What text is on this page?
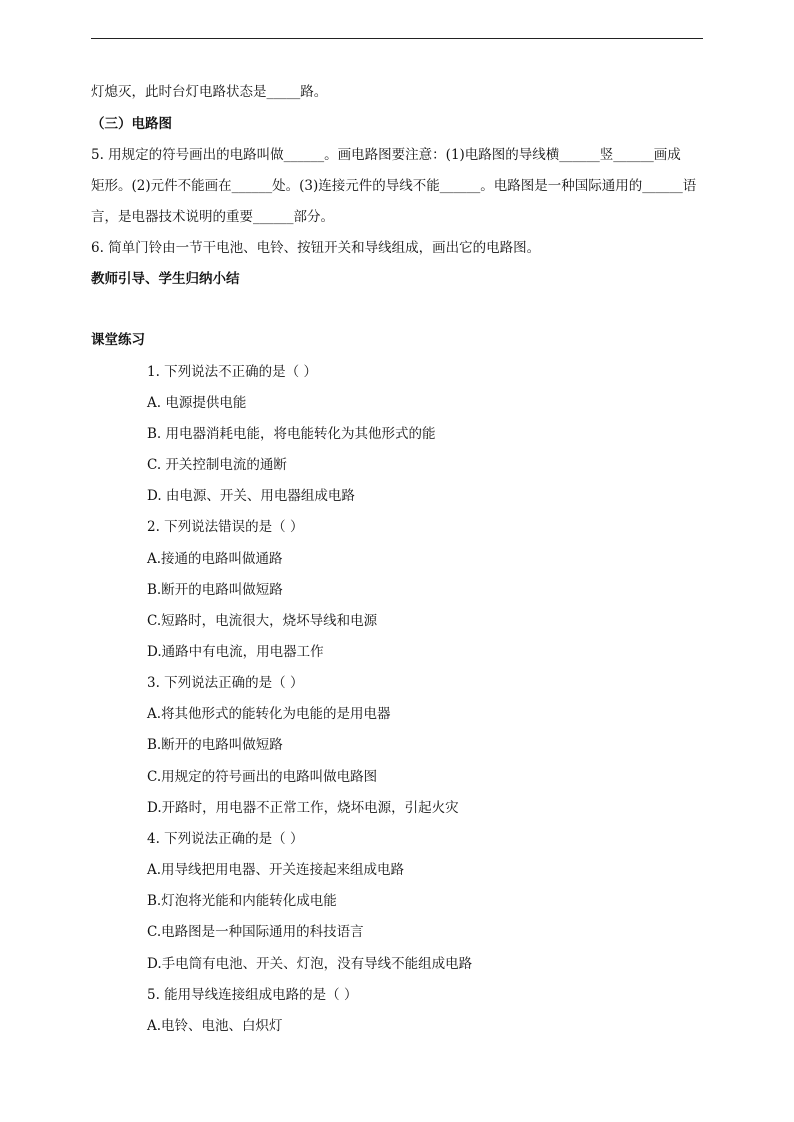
灯熄灭，此时台灯电路状态是_____路。
（三）电路图
5. 用规定的符号画出的电路叫做______。画电路图要注意：(1)电路图的导线横______竖______画成
矩形。(2)元件不能画在______处。(3)连接元件的导线不能______。电路图是一种国际通用的______语
言，是电器技术说明的重要______部分。
6. 简单门铃由一节干电池、电铃、按钮开关和导线组成，画出它的电路图。
教师引导、学生归纳小结
课堂练习
1. 下列说法不正确的是（ ）
A. 电源提供电能
B. 用电器消耗电能，将电能转化为其他形式的能
C. 开关控制电流的通断
D. 由电源、开关、用电器组成电路
2. 下列说法错误的是（ ）
A.接通的电路叫做通路
B.断开的电路叫做短路
C.短路时，电流很大，烧坏导线和电源
D.通路中有电流，用电器工作
3. 下列说法正确的是（ ）
A.将其他形式的能转化为电能的是用电器
B.断开的电路叫做短路
C.用规定的符号画出的电路叫做电路图
D.开路时，用电器不正常工作，烧坏电源，引起火灾
4. 下列说法正确的是（ ）
A.用导线把用电器、开关连接起来组成电路
B.灯泡将光能和内能转化成电能
C.电路图是一种国际通用的科技语言
D.手电筒有电池、开关、灯泡，没有导线不能组成电路
5. 能用导线连接组成电路的是（ ）
A.电铃、电池、白炽灯
